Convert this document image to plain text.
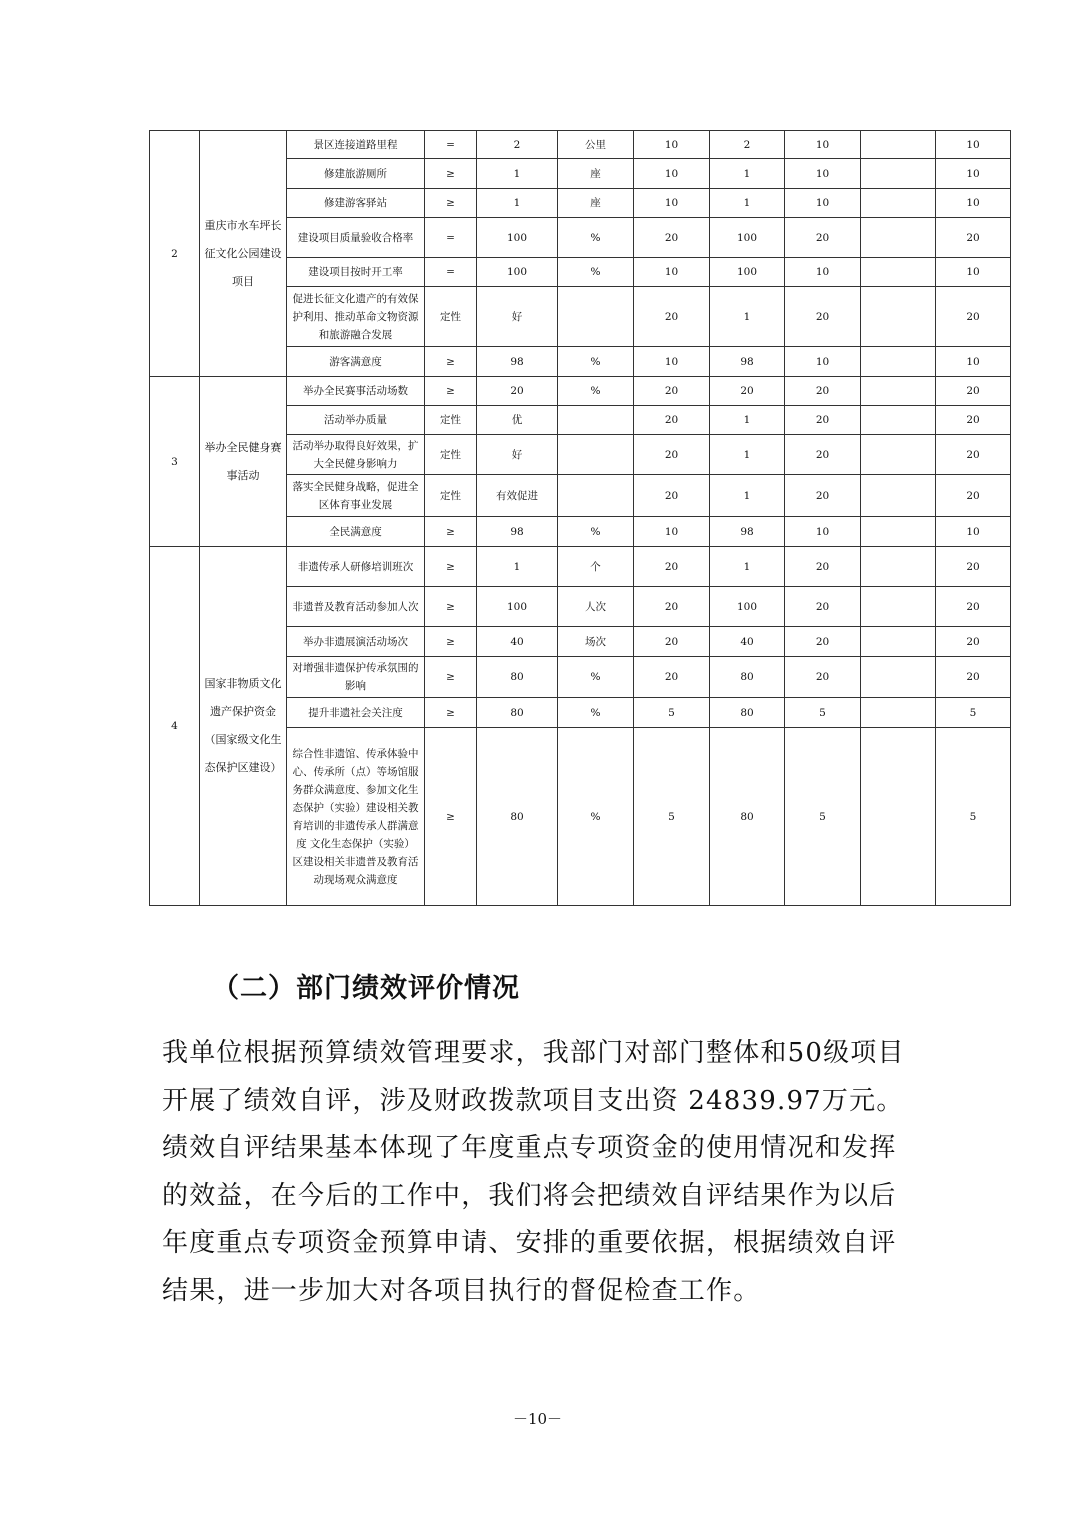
2	重庆市水车坪长征文化公园建设项目	景区连接道路里程	=	2	公里	10	2	10		10
		修建旅游厕所	≥	1	座	10	1	10		10
		修建游客驿站	≥	1	座	10	1	10		10
		建设项目质量验收合格率	=	100	%	20	100	20		20
		建设项目按时开工率	=	100	%	10	100	10		10
		促进长征文化遗产的有效保护利用、推动革命文物资源和旅游融合发展	定性	好		20	1	20		20
		游客满意度	≥	98	%	10	98	10		10
3	举办全民健身赛事活动	举办全民赛事活动场数	≥	20	%	20	20	20		20
		活动举办质量	定性	优		20	1	20		20
		活动举办取得良好效果，扩大全民健身影响力	定性	好		20	1	20		20
		落实全民健身战略，促进全区体育事业发展	定性	有效促进		20	1	20		20
		全民满意度	≥	98	%	10	98	10		10
4	国家非物质文化遗产保护资金（国家级文化生态保护区建设）	非遗传承人研修培训班次	≥	1	个	20	1	20		20
		非遗普及教育活动参加人次	≥	100	人次	20	100	20		20
		举办非遗展演活动场次	≥	40	场次	20	40	20		20
		对增强非遗保护传承氛围的影响	≥	80	%	20	80	20		20
		提升非遗社会关注度	≥	80	%	5	80	5		5
		综合性非遗馆、传承体验中心、传承所（点）等场馆服务群众满意度、参加文化生态保护（实验）建设相关教育培训的非遗传承人群满意度 文化生态保护（实验）区建设相关非遗普及教育活动现场观众满意度	≥	80	%	5	80	5		5
（二）部门绩效评价情况

我单位根据预算绩效管理要求，我部门对部门整体和50级项目开展了绩效自评，涉及财政拨款项目支出资 24839.97万元。绩效自评结果基本体现了年度重点专项资金的使用情况和发挥的效益，在今后的工作中，我们将会把绩效自评结果作为以后年度重点专项资金预算申请、安排的重要依据，根据绩效自评结果，进一步加大对各项目执行的督促检查工作。

－10－
